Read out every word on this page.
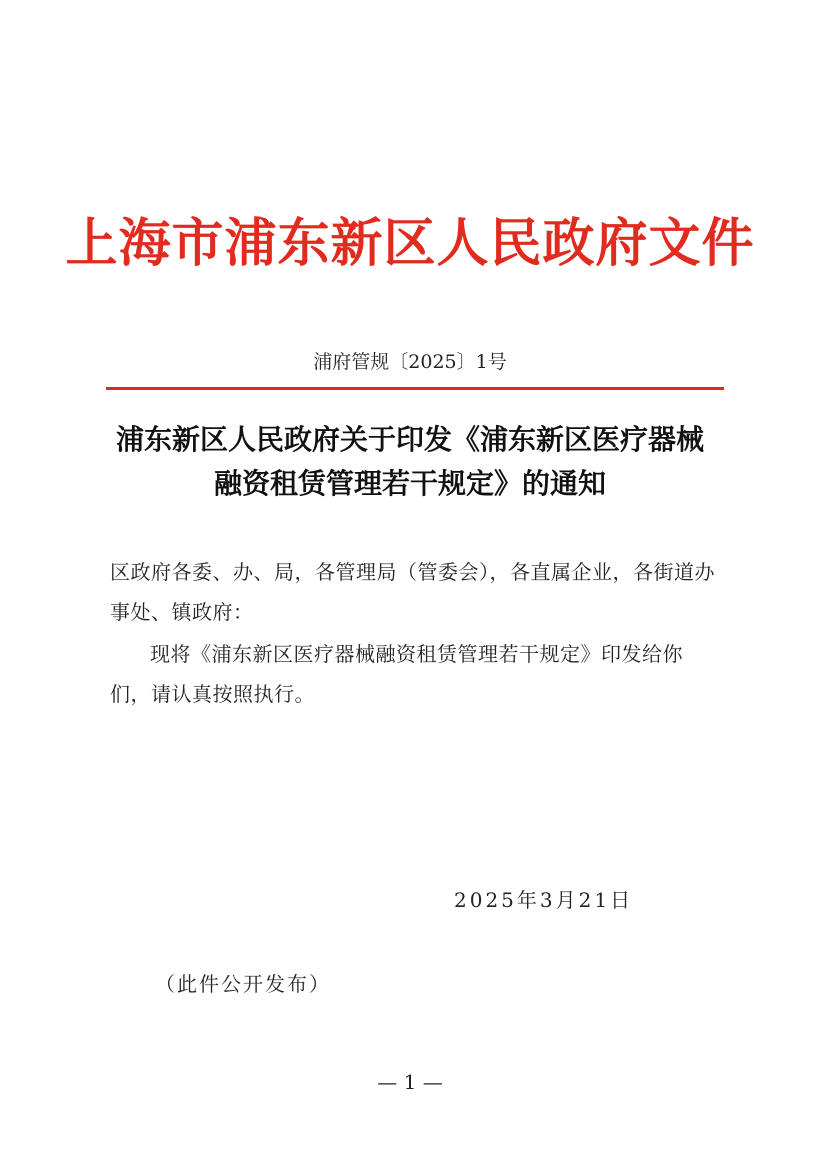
上海市浦东新区人民政府文件
浦府管规〔2025〕1号
浦东新区人民政府关于印发《浦东新区医疗器械
融资租赁管理若干规定》的通知
区政府各委、办、局，各管理局（管委会），各直属企业，各街道办事处、镇政府：
现将《浦东新区医疗器械融资租赁管理若干规定》印发给你们，请认真按照执行。
2025年3月21日
（此件公开发布）
— 1 —
